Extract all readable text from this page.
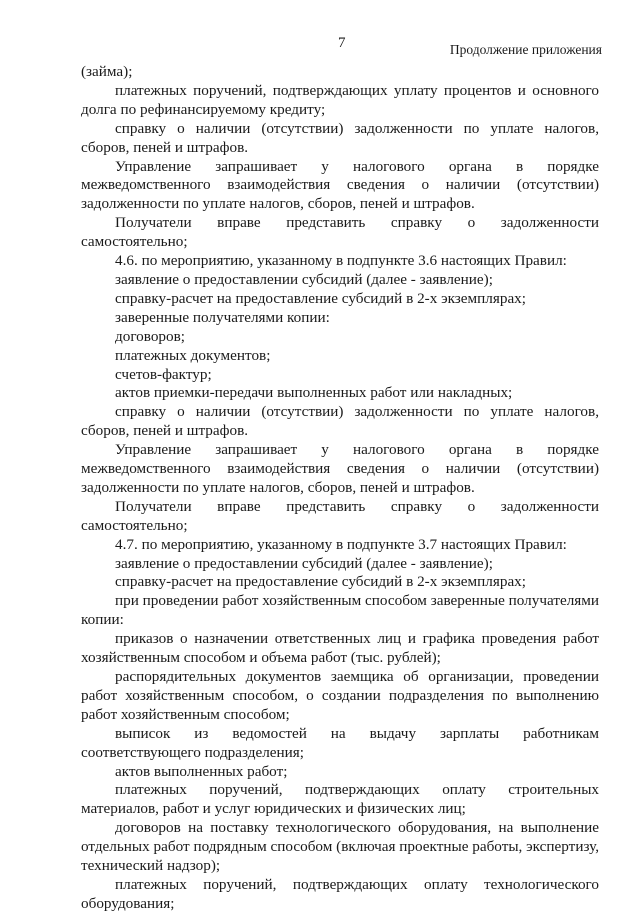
7	Продолжение приложения

(займа);

платежных поручений, подтверждающих уплату процентов и основного долга по рефинансируемому кредиту;

справку о наличии (отсутствии) задолженности по уплате налогов, сборов, пеней и штрафов.

Управление запрашивает у налогового органа в порядке межведомственного взаимодействия сведения о наличии (отсутствии) задолженности по уплате налогов, сборов, пеней и штрафов.

Получатели вправе представить справку о задолженности самостоятельно;

4.6. по мероприятию, указанному в подпункте 3.6 настоящих Правил:

заявление о предоставлении субсидий (далее - заявление);

справку-расчет на предоставление субсидий в 2-х экземплярах;

заверенные получателями копии:

договоров;

платежных документов;

счетов-фактур;

актов приемки-передачи выполненных работ или накладных;

справку о наличии (отсутствии) задолженности по уплате налогов, сборов, пеней и штрафов.

Управление запрашивает у налогового органа в порядке межведомственного взаимодействия сведения о наличии (отсутствии) задолженности по уплате налогов, сборов, пеней и штрафов.

Получатели вправе представить справку о задолженности самостоятельно;

4.7. по мероприятию, указанному в подпункте 3.7 настоящих Правил:

заявление о предоставлении субсидий (далее - заявление);

справку-расчет на предоставление субсидий в 2-х экземплярах;

при проведении работ хозяйственным способом заверенные получателями копии:

приказов о назначении ответственных лиц и графика проведения работ хозяйственным способом и объема работ (тыс. рублей);

распорядительных документов заемщика об организации, проведении работ хозяйственным способом, о создании подразделения по выполнению работ хозяйственным способом;

выписок из ведомостей на выдачу зарплаты работникам соответствующего подразделения;

актов выполненных работ;

платежных поручений, подтверждающих оплату строительных материалов, работ и услуг юридических и физических лиц;

договоров на поставку технологического оборудования, на выполнение отдельных работ подрядным способом (включая проектные работы, экспертизу, технический надзор);

платежных поручений, подтверждающих оплату технологического оборудования;
